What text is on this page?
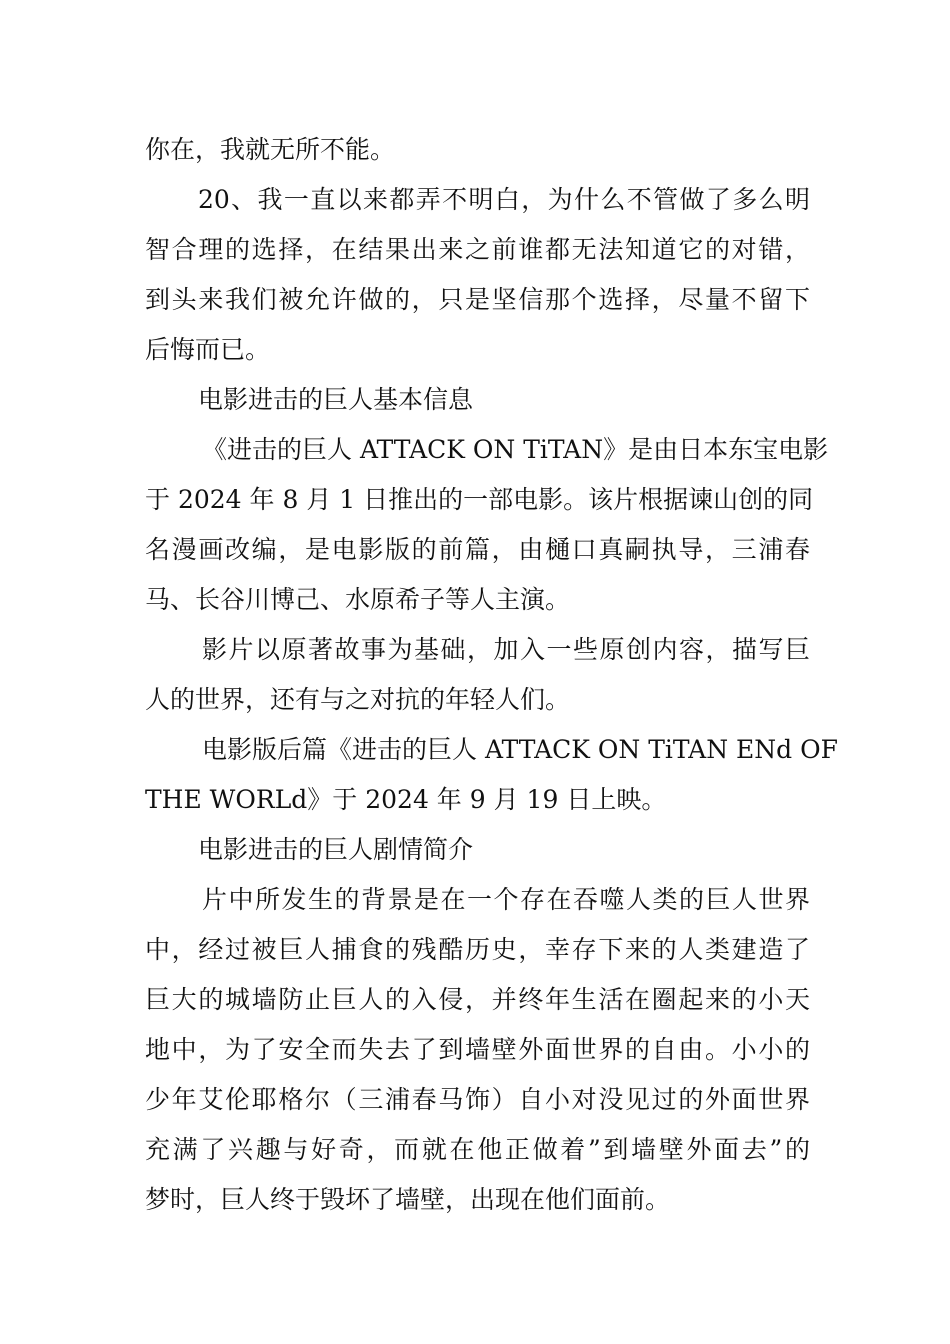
你在，我就无所不能。
20、我一直以来都弄不明白，为什么不管做了多么明
智合理的选择，在结果出来之前谁都无法知道它的对错，
到头来我们被允许做的，只是坚信那个选择，尽量不留下
后悔而已。
电影进击的巨人基本信息
《进击的巨人 ATTACK ON TiTAN》是由日本东宝电影
于 2024 年 8 月 1 日推出的一部电影。该片根据谏山创的同
名漫画改编，是电影版的前篇，由樋口真嗣执导，三浦春
马、长谷川博己、水原希子等人主演。
影片以原著故事为基础，加入一些原创内容，描写巨
人的世界，还有与之对抗的年轻人们。
电影版后篇《进击的巨人 ATTACK ON TiTAN ENd OF
THE WORLd》于 2024 年 9 月 19 日上映。
电影进击的巨人剧情简介
片中所发生的背景是在一个存在吞噬人类的巨人世界
中，经过被巨人捕食的残酷历史，幸存下来的人类建造了
巨大的城墙防止巨人的入侵，并终年生活在圈起来的小天
地中，为了安全而失去了到墙壁外面世界的自由。小小的
少年艾伦耶格尔（三浦春马饰）自小对没见过的外面世界
充满了兴趣与好奇，而就在他正做着”到墙壁外面去”的
梦时，巨人终于毁坏了墙壁，出现在他们面前。
